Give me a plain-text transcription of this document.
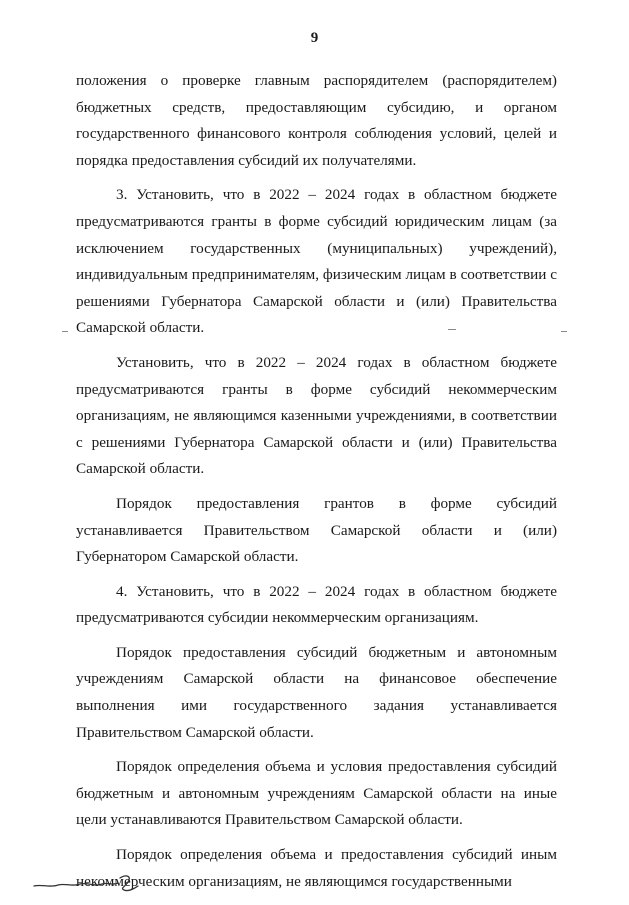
9

положения о проверке главным распорядителем (распорядителем) бюджетных средств, предоставляющим субсидию, и органом государственного финансового контроля соблюдения условий, целей и порядка предоставления субсидий их получателями.

3. Установить, что в 2022 – 2024 годах в областном бюджете предусматриваются гранты в форме субсидий юридическим лицам (за исключением государственных (муниципальных) учреждений), индивидуальным предпринимателям, физическим лицам в соответствии с решениями Губернатора Самарской области и (или) Правительства Самарской области.

Установить, что в 2022 – 2024 годах в областном бюджете предусматриваются гранты в форме субсидий некоммерческим организациям, не являющимся казенными учреждениями, в соответствии с решениями Губернатора Самарской области и (или) Правительства Самарской области.

Порядок предоставления грантов в форме субсидий устанавливается Правительством Самарской области и (или) Губернатором Самарской области.

4. Установить, что в 2022 – 2024 годах в областном бюджете предусматриваются субсидии некоммерческим организациям.

Порядок предоставления субсидий бюджетным и автономным учреждениям Самарской области на финансовое обеспечение выполнения ими государственного задания устанавливается Правительством Самарской области.

Порядок определения объема и условия предоставления субсидий бюджетным и автономным учреждениям Самарской области на иные цели устанавливаются Правительством Самарской области.

Порядок определения объема и предоставления субсидий иным некоммерческим организациям, не являющимся государственными
